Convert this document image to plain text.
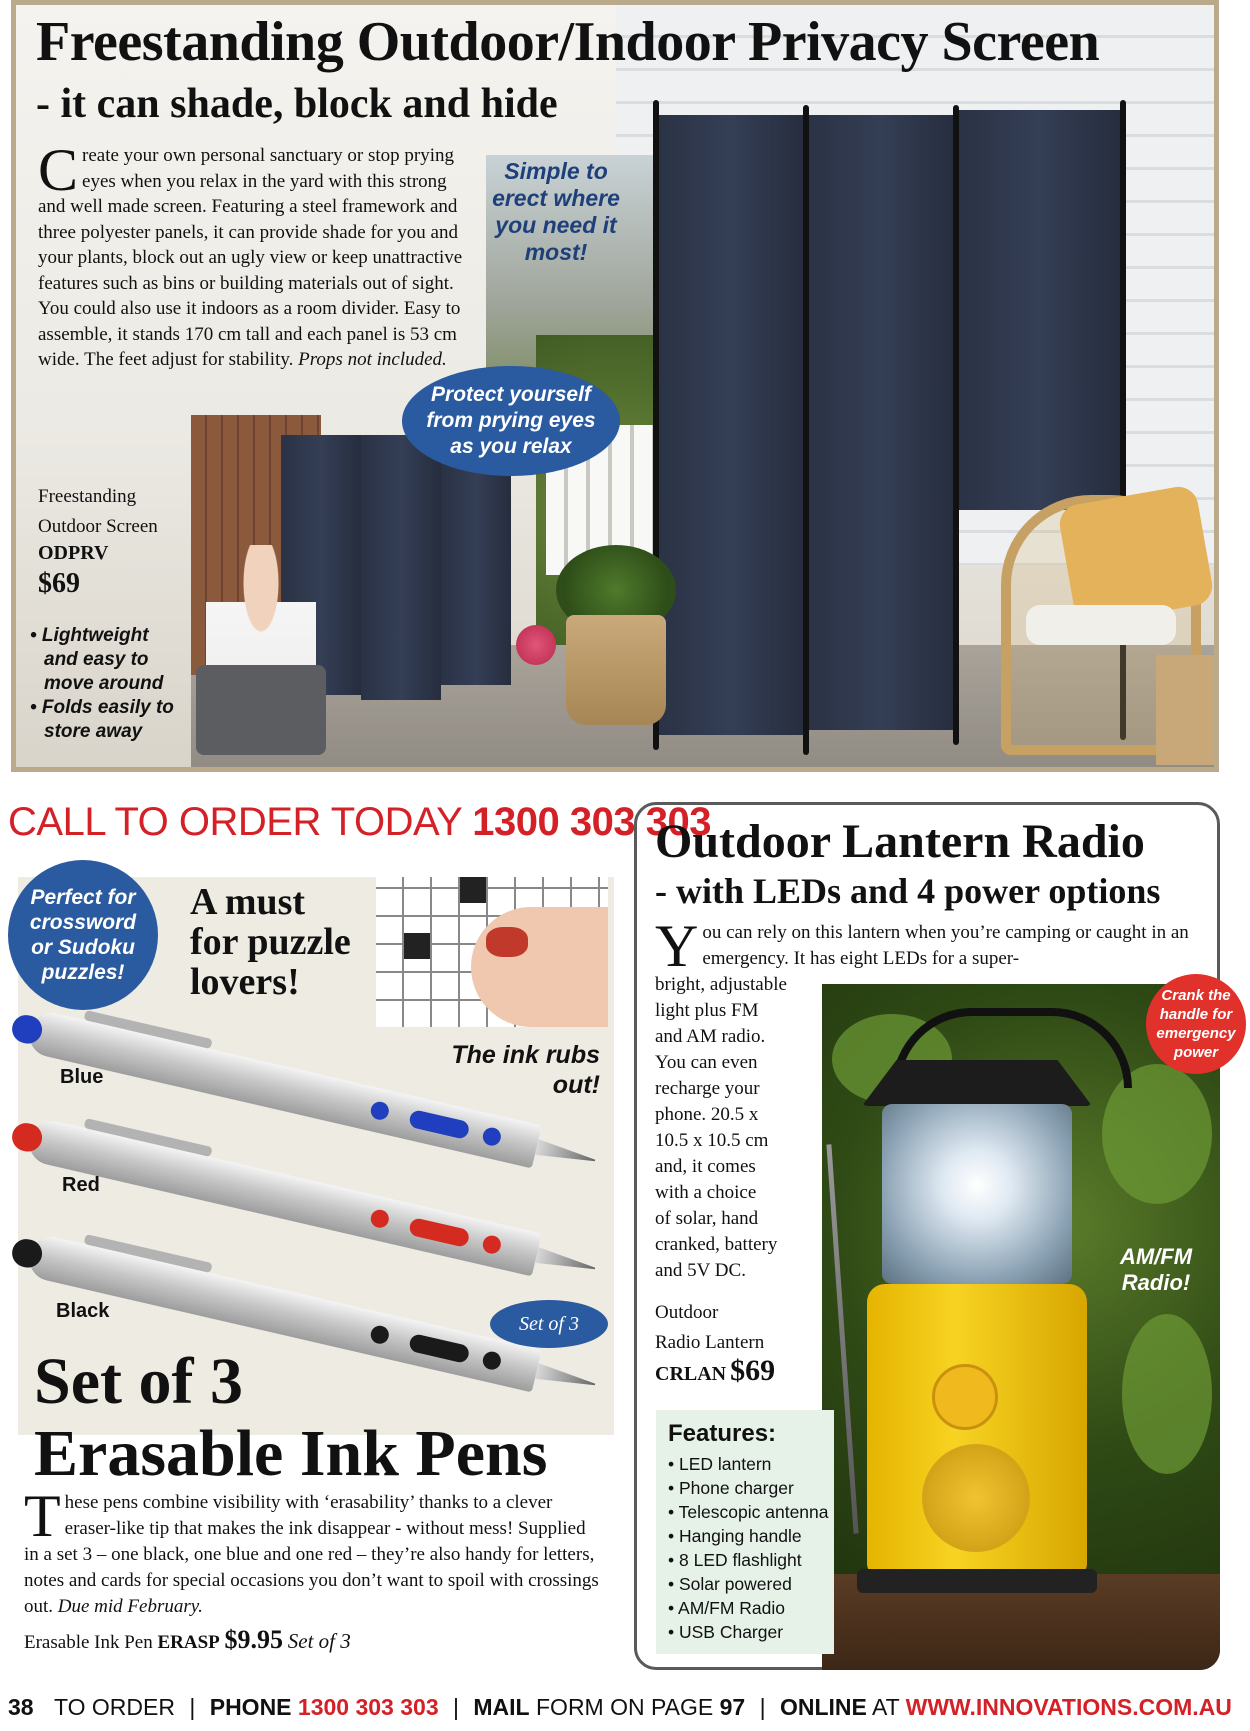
Freestanding Outdoor/Indoor Privacy Screen
- it can shade, block and hide
Create your own personal sanctuary or stop prying eyes when you relax in the yard with this strong and well made screen. Featuring a steel framework and three polyester panels, it can provide shade for you and your plants, block out an ugly view or keep unattractive features such as bins or building materials out of sight. You could also use it indoors as a room divider. Easy to assemble, it stands 170 cm tall and each panel is 53 cm wide. The feet adjust for stability. Props not included.
Simple to erect where you need it most!
Protect yourself
from prying eyes
as you relax
Freestanding
Outdoor Screen
ODPRV
$69
• Lightweight and easy to move around
• Folds easily to store away
CALL TO ORDER TODAY 1300 303 303
Perfect for
crossword
or Sudoku
puzzles!
A must
for puzzle
lovers!
The ink rubs
out!
Blue
Red
Black
Set of 3
Set of 3
Erasable Ink Pens
These pens combine visibility with ‘erasability’ thanks to a clever eraser-like tip that makes the ink disappear - without mess! Supplied in a set 3 – one black, one blue and one red – they’re also handy for letters, notes and cards for special occasions you don’t want to spoil with crossings out. Due mid February.
Erasable Ink Pen ERASP $9.95 Set of 3
Outdoor Lantern Radio
- with LEDs and 4 power options
You can rely on this lantern when you’re camping or caught in an emergency. It has eight LEDs for a super-
bright, adjustable
light plus FM
and AM radio.
You can even
recharge your
phone. 20.5 x
10.5 x 10.5 cm
and, it comes
with a choice
of solar, hand
cranked, battery
and 5V DC.
Crank the
handle for
emergency
power
AM/FM
Radio!
Outdoor
Radio Lantern
CRLAN $69
Features:
• LED lantern
• Phone charger
• Telescopic antenna
• Hanging handle
• 8 LED flashlight
• Solar powered
• AM/FM Radio
• USB Charger
38 TO ORDER | PHONE 1300 303 303 | MAIL FORM ON PAGE 97 | ONLINE AT WWW.INNOVATIONS.COM.AU
